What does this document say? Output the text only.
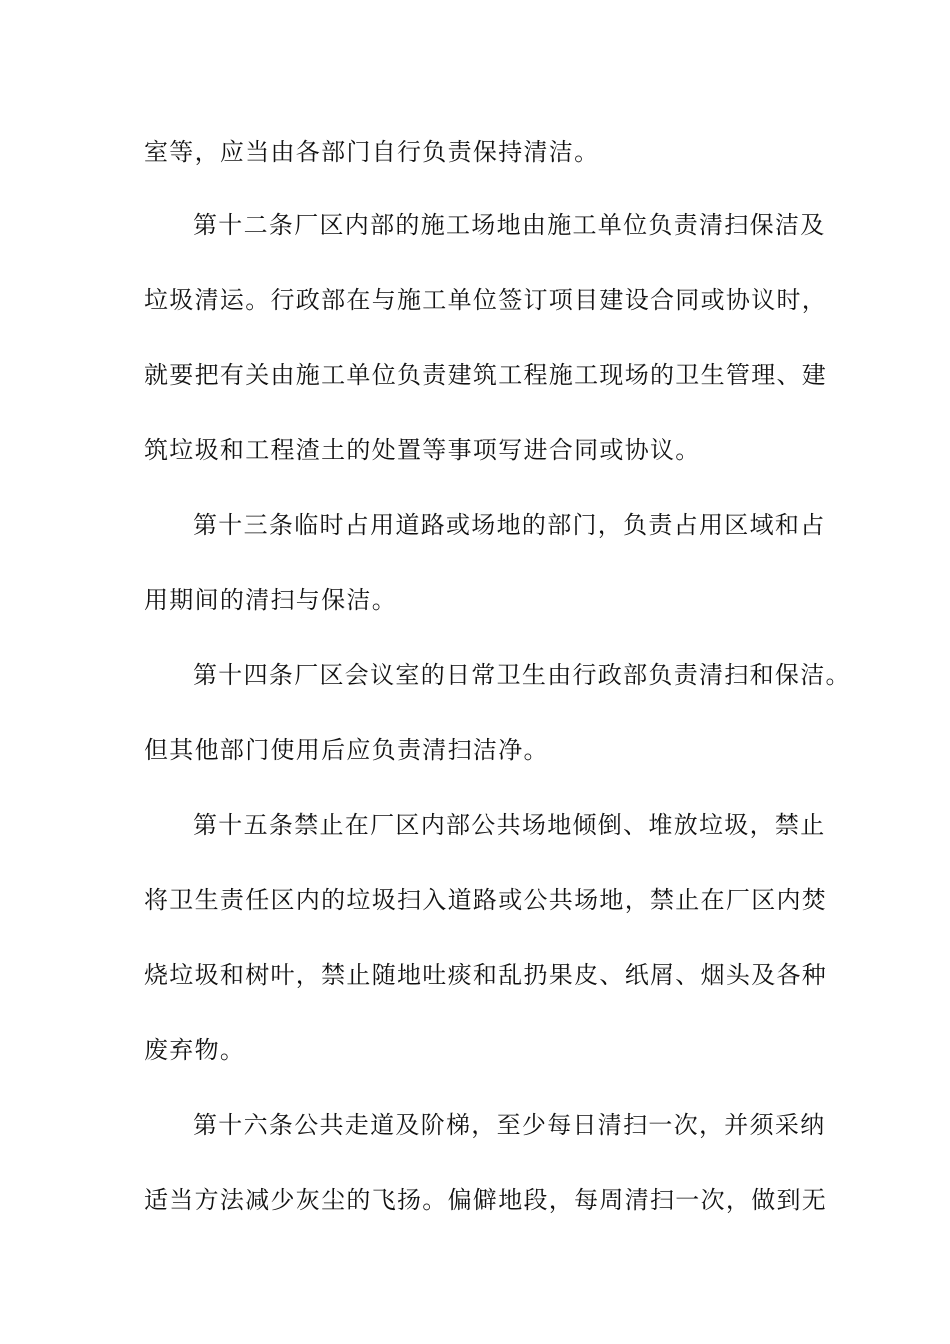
室等，应当由各部门自行负责保持清洁。
第十二条厂区内部的施工场地由施工单位负责清扫保洁及
垃圾清运。行政部在与施工单位签订项目建设合同或协议时，
就要把有关由施工单位负责建筑工程施工现场的卫生管理、建
筑垃圾和工程渣土的处置等事项写进合同或协议。
第十三条临时占用道路或场地的部门，负责占用区域和占
用期间的清扫与保洁。
第十四条厂区会议室的日常卫生由行政部负责清扫和保洁。
但其他部门使用后应负责清扫洁净。
第十五条禁止在厂区内部公共场地倾倒、堆放垃圾，禁止
将卫生责任区内的垃圾扫入道路或公共场地，禁止在厂区内焚
烧垃圾和树叶，禁止随地吐痰和乱扔果皮、纸屑、烟头及各种
废弃物。
第十六条公共走道及阶梯，至少每日清扫一次，并须采纳
适当方法减少灰尘的飞扬。偏僻地段，每周清扫一次，做到无
